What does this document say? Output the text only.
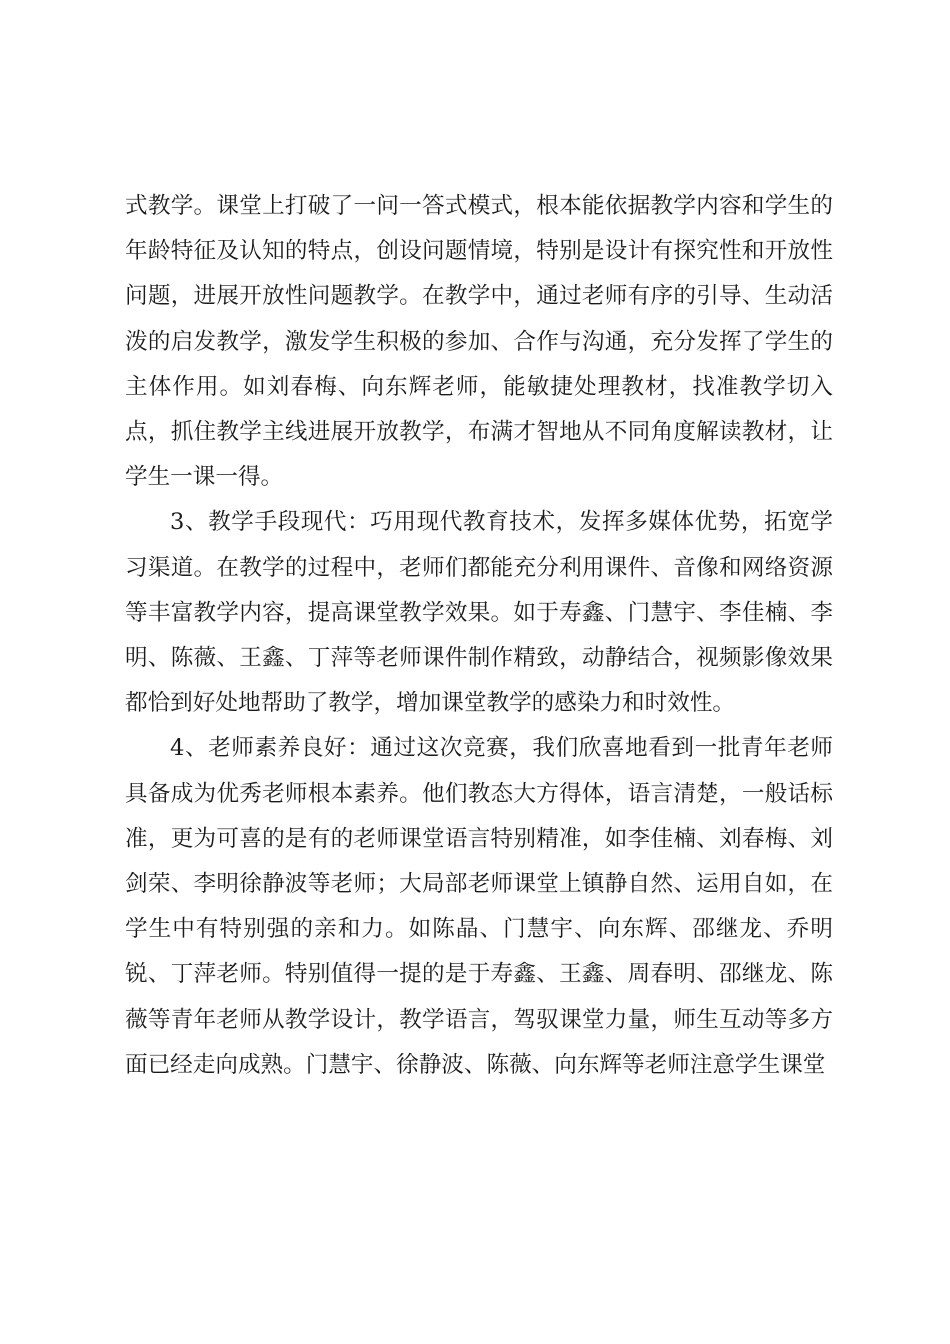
式教学。课堂上打破了一问一答式模式，根本能依据教学内容和学生的年龄特征及认知的特点，创设问题情境，特别是设计有探究性和开放性问题，进展开放性问题教学。在教学中，通过老师有序的引导、生动活泼的启发教学，激发学生积极的参加、合作与沟通，充分发挥了学生的主体作用。如刘春梅、向东辉老师，能敏捷处理教材，找准教学切入点，抓住教学主线进展开放教学，布满才智地从不同角度解读教材，让学生一课一得。

3、教学手段现代：巧用现代教育技术，发挥多媒体优势，拓宽学习渠道。在教学的过程中，老师们都能充分利用课件、音像和网络资源等丰富教学内容，提高课堂教学效果。如于寿鑫、门慧宇、李佳楠、李明、陈薇、王鑫、丁萍等老师课件制作精致，动静结合，视频影像效果都恰到好处地帮助了教学，增加课堂教学的感染力和时效性。

4、老师素养良好：通过这次竞赛，我们欣喜地看到一批青年老师具备成为优秀老师根本素养。他们教态大方得体，语言清楚，一般话标准，更为可喜的是有的老师课堂语言特别精准，如李佳楠、刘春梅、刘剑荣、李明徐静波等老师；大局部老师课堂上镇静自然、运用自如，在学生中有特别强的亲和力。如陈晶、门慧宇、向东辉、邵继龙、乔明锐、丁萍老师。特别值得一提的是于寿鑫、王鑫、周春明、邵继龙、陈薇等青年老师从教学设计，教学语言，驾驭课堂力量，师生互动等多方面已经走向成熟。门慧宇、徐静波、陈薇、向东辉等老师注意学生课堂
